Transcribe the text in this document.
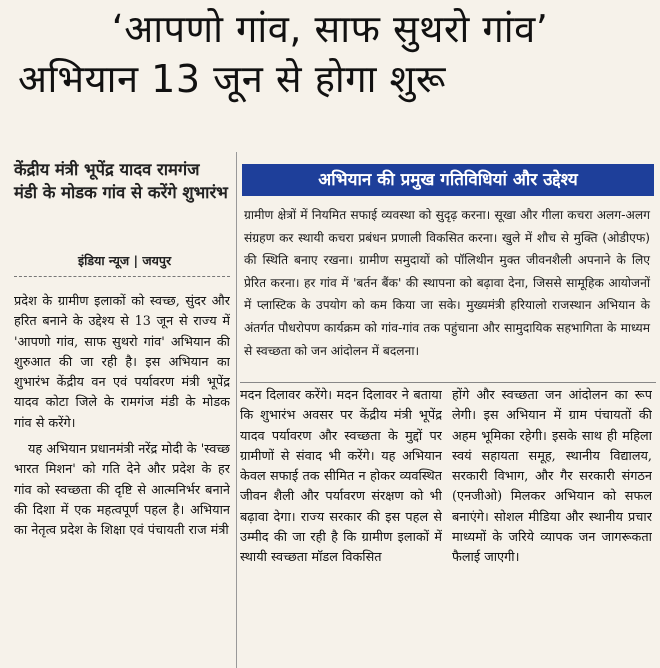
‘आपणो गांव, साफ सुथरो गांव’
अभियान 13 जून से होगा शुरू
केंद्रीय मंत्री भूपेंद्र यादव रामगंज मंडी के मोडक गांव से करेंगे शुभारंभ
इंडिया न्यूज | जयपुर

प्रदेश के ग्रामीण इलाकों को स्वच्छ, सुंदर और हरित बनाने के उद्देश्य से 13 जून से राज्य में 'आपणो गांव, साफ सुथरो गांव' अभियान की शुरुआत की जा रही है। इस अभियान का शुभारंभ केंद्रीय वन एवं पर्यावरण मंत्री भूपेंद्र यादव कोटा जिले के रामगंज मंडी के मोडक गांव से करेंगे।

यह अभियान प्रधानमंत्री नरेंद्र मोदी के 'स्वच्छ भारत मिशन' को गति देने और प्रदेश के हर गांव को स्वच्छता की दृष्टि से आत्मनिर्भर बनाने की दिशा में एक महत्वपूर्ण पहल है। अभियान का नेतृत्व प्रदेश के शिक्षा एवं पंचायती राज मंत्री

अभियान की प्रमुख गतिविधियां और उद्देश्य

ग्रामीण क्षेत्रों में नियमित सफाई व्यवस्था को सुदृढ़ करना। सूखा और गीला कचरा अलग-अलग संग्रहण कर स्थायी कचरा प्रबंधन प्रणाली विकसित करना। खुले में शौच से मुक्ति (ओडीएफ) की स्थिति बनाए रखना। ग्रामीण समुदायों को पॉलिथीन मुक्त जीवनशैली अपनाने के लिए प्रेरित करना। हर गांव में 'बर्तन बैंक' की स्थापना को बढ़ावा देना, जिससे सामूहिक आयोजनों में प्लास्टिक के उपयोग को कम किया जा सके। मुख्यमंत्री हरियालो राजस्थान अभियान के अंतर्गत पौधरोपण कार्यक्रम को गांव-गांव तक पहुंचाना और सामुदायिक सहभागिता के माध्यम से स्वच्छता को जन आंदोलन में बदलना।

मदन दिलावर करेंगे। मदन दिलावर ने बताया कि शुभारंभ अवसर पर केंद्रीय मंत्री भूपेंद्र यादव पर्यावरण और स्वच्छता के मुद्दों पर ग्रामीणों से संवाद भी करेंगे। यह अभियान केवल सफाई तक सीमित न होकर व्यवस्थित जीवन शैली और पर्यावरण संरक्षण को भी बढ़ावा देगा। राज्य सरकार की इस पहल से उम्मीद की जा रही है कि ग्रामीण इलाकों में स्थायी स्वच्छता मॉडल विकसित

होंगे और स्वच्छता जन आंदोलन का रूप लेगी। इस अभियान में ग्राम पंचायतों की अहम भूमिका रहेगी। इसके साथ ही महिला स्वयं सहायता समूह, स्थानीय विद्यालय, सरकारी विभाग, और गैर सरकारी संगठन (एनजीओ) मिलकर अभियान को सफल बनाएंगे। सोशल मीडिया और स्थानीय प्रचार माध्यमों के जरिये व्यापक जन जागरूकता फैलाई जाएगी।
